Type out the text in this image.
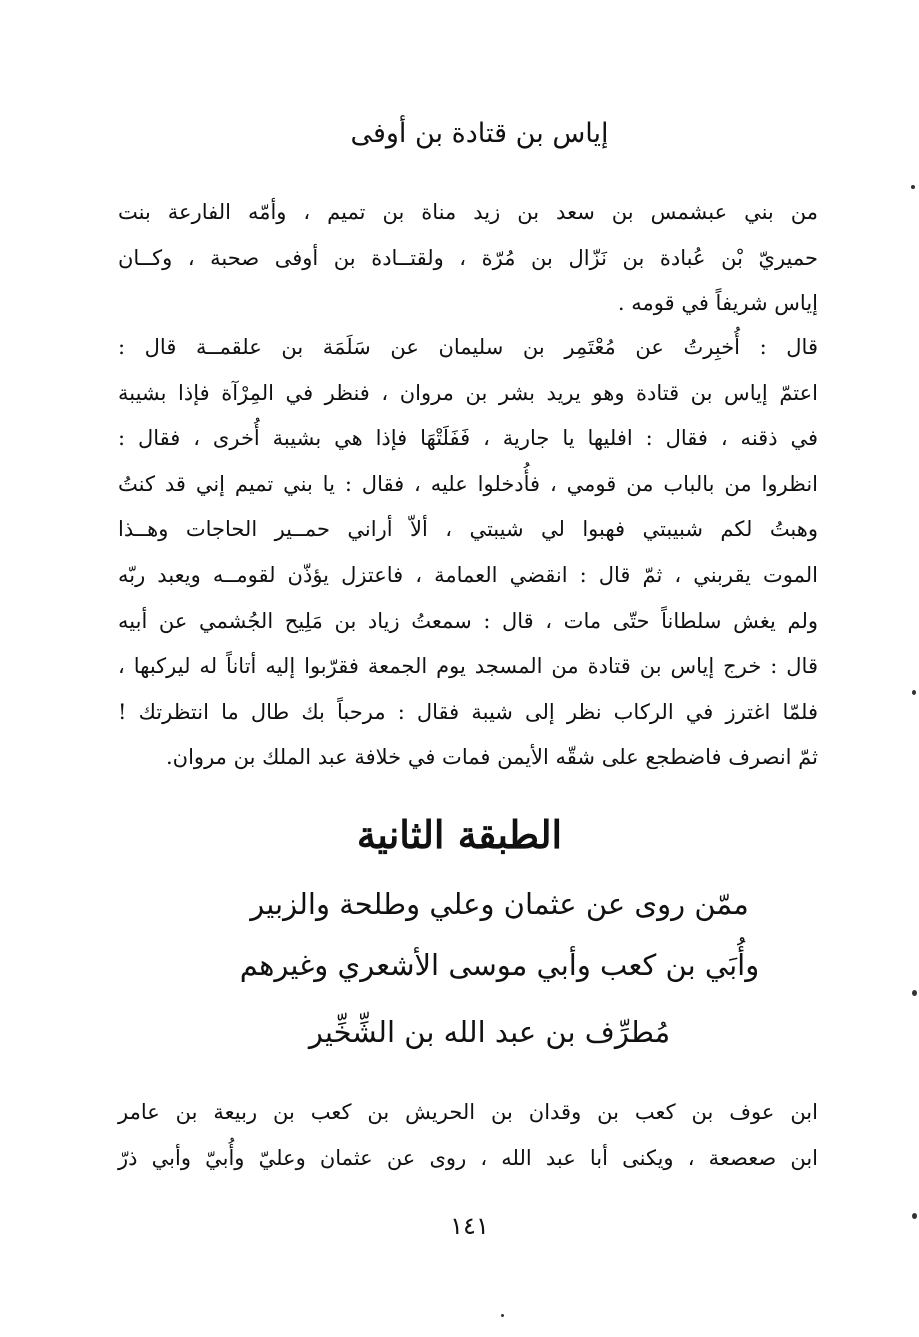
إياس بن قتادة بن أوفى
من بني عبشمس بن سعد بن زيد مناة بن تميم ، وأمّه الفارعة بنت
حميريّ بْن عُبادة بن نَزّال بن مُرّة ، ولقتــادة بن أوفى صحبة ، وكــان
إياس شريفاً في قومه .
قال : أُخبِرتُ عن مُعْتَمِر بن سليمان عن سَلَمَة بن علقمــة قال :
اعتمّ إياس بن قتادة وهو يريد بشر بن مروان ، فنظر في المِرْآة فإذا بشيبة
في ذقنه ، فقال : افليها يا جارية ، فَفَلَتْهَا فإذا هي بشيبة أُخرى ، فقال :
انظروا من بالباب من قومي ، فأُدخلوا عليه ، فقال : يا بني تميم إني قد كنتُ
وهبتُ لكم شبيبتي فهبوا لي شيبتي ، ألاّ أراني حمــير الحاجات وهــذا
الموت يقربني ، ثمّ قال : انقضي العمامة ، فاعتزل يؤذّن لقومــه ويعبد ربّه
ولم يغش سلطاناً حتّى مات ، قال : سمعتُ زياد بن مَلِيح الجُشمي عن أبيه
قال : خرج إياس بن قتادة من المسجد يوم الجمعة فقرّبوا إليه أتاناً له ليركبها ،
فلمّا اغترز في الركاب نظر إلى شيبة فقال : مرحباً بك طال ما انتظرتك !
ثمّ انصرف فاضطجع على شقّه الأيمن فمات في خلافة عبد الملك بن مروان.
الطبقة الثانية
ممّن روى عن عثمان وعلي وطلحة والزبير
وأُبَي بن كعب وأبي موسى الأشعري وغيرهم
مُطرِّف بن عبد الله بن الشِّخِّير
ابن عوف بن كعب بن وقدان بن الحريش بن كعب بن ربيعة بن عامر
ابن صعصعة ، ويكنى أبا عبد الله ، روى عن عثمان وعليّ وأُبيّ وأبي ذرّ
١٤١
